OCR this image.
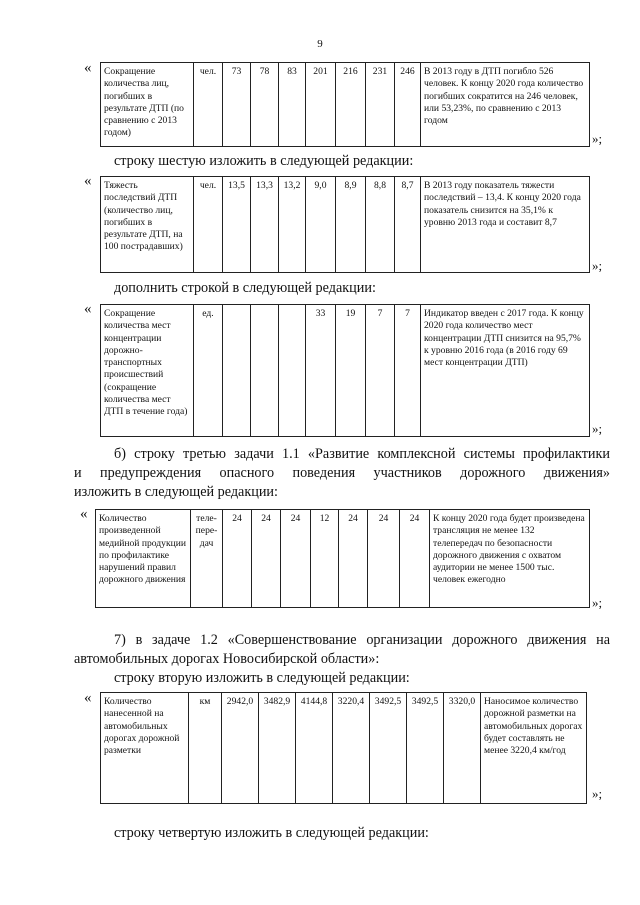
9
« Сокращение количества лиц, погибших в результате ДТП (по сравнению с 2013 годом)	чел.	73	78	83	201	216	231	246	В 2013 году в ДТП погибло 526 человек. К концу 2020 года количество погибших сократится на 246 человек, или 53,23%, по сравнению с 2013 годом
»;
строку шестую изложить в следующей редакции:
« Тяжесть последствий ДТП (количество лиц, погибших в результате ДТП, на 100 пострадавших)	чел.	13,5	13,3	13,2	9,0	8,9	8,8	8,7	В 2013 году показатель тяжести последствий – 13,4. К концу 2020 года показатель снизится на 35,1% к уровню 2013 года и составит 8,7
»;
дополнить строкой в следующей редакции:
« Сокращение количества мест концентрации дорожно-транспортных происшествий (сокращение количества мест ДТП в течение года)	ед.				33	19	7	7	Индикатор введен с 2017 года. К концу 2020 года количество мест концентрации ДТП снизится на 95,7% к уровню 2016 года (в 2016 году 69 мест концентрации ДТП)
»;
б) строку третью задачи 1.1 «Развитие комплексной системы профилактики
и предупреждения опасного поведения участников дорожного движения»
изложить в следующей редакции:
« Количество произведенной медийной продукции по профилактике нарушений правил дорожного движения	теле-пере-дач	24	24	24	12	24	24	24	К концу 2020 года будет произведена трансляция не менее 132 телепередач по безопасности дорожного движения с охватом аудитории не менее 1500 тыс. человек ежегодно
»;
7) в задаче 1.2 «Совершенствование организации дорожного движения на
автомобильных дорогах Новосибирской области»:
строку вторую изложить в следующей редакции:
« Количество нанесенной на автомобильных дорогах дорожной разметки	км	2942,0	3482,9	4144,8	3220,4	3492,5	3492,5	3320,0	Наносимое количество дорожной разметки на автомобильных дорогах будет составлять не менее 3220,4 км/год
»;
строку четвертую изложить в следующей редакции:
